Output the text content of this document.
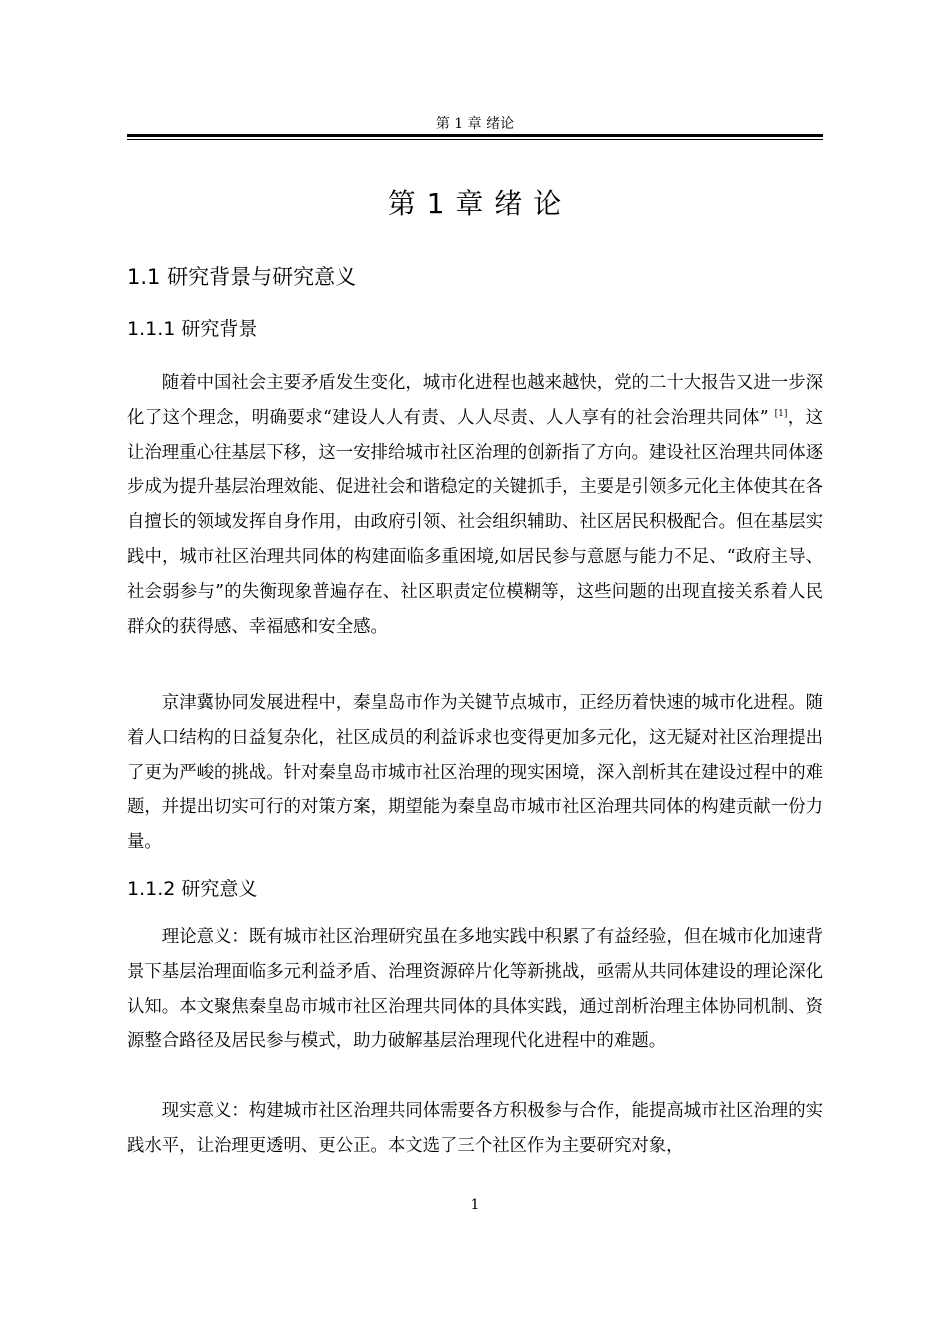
第 1 章 绪论
第 1 章 绪 论
1.1 研究背景与研究意义
1.1.1 研究背景
随着中国社会主要矛盾发生变化，城市化进程也越来越快，党的二十大报告又进一步深化了这个理念，明确要求“建设人人有责、人人尽责、人人享有的社会治理共同体” [1]，这让治理重心往基层下移，这一安排给城市社区治理的创新指了方向。建设社区治理共同体逐步成为提升基层治理效能、促进社会和谐稳定的关键抓手，主要是引领多元化主体使其在各自擅长的领域发挥自身作用，由政府引领、社会组织辅助、社区居民积极配合。但在基层实践中，城市社区治理共同体的构建面临多重困境,如居民参与意愿与能力不足、“政府主导、社会弱参与”的失衡现象普遍存在、社区职责定位模糊等，这些问题的出现直接关系着人民群众的获得感、幸福感和安全感。
京津冀协同发展进程中，秦皇岛市作为关键节点城市，正经历着快速的城市化进程。随着人口结构的日益复杂化，社区成员的利益诉求也变得更加多元化，这无疑对社区治理提出了更为严峻的挑战。针对秦皇岛市城市社区治理的现实困境，深入剖析其在建设过程中的难题，并提出切实可行的对策方案，期望能为秦皇岛市城市社区治理共同体的构建贡献一份力量。
1.1.2 研究意义
理论意义：既有城市社区治理研究虽在多地实践中积累了有益经验，但在城市化加速背景下基层治理面临多元利益矛盾、治理资源碎片化等新挑战，亟需从共同体建设的理论深化认知。本文聚焦秦皇岛市城市社区治理共同体的具体实践，通过剖析治理主体协同机制、资源整合路径及居民参与模式，助力破解基层治理现代化进程中的难题。
现实意义：构建城市社区治理共同体需要各方积极参与合作，能提高城市社区治理的实践水平，让治理更透明、更公正。本文选了三个社区作为主要研究对象，
1
